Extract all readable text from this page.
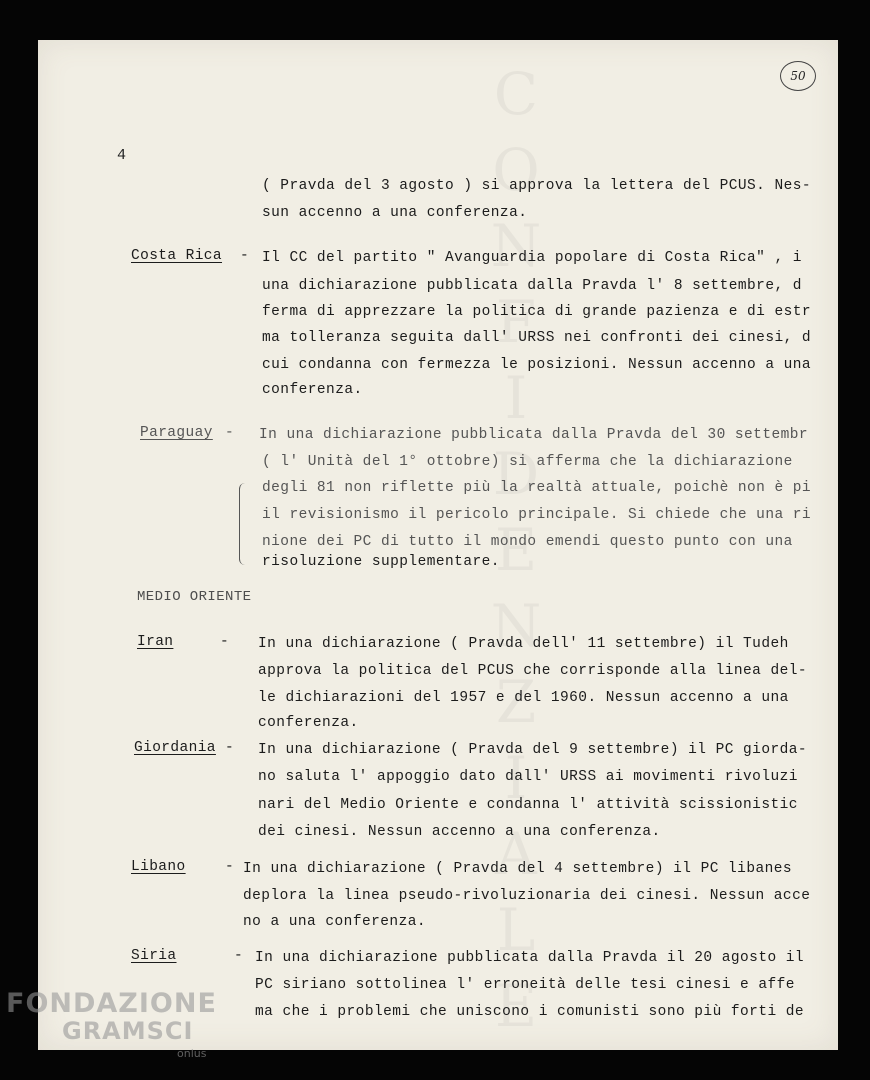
4
50
( Pravda del 3 agosto ) si approva la lettera del PCUS. Nes-
sun accenno a una conferenza.
Costa Rica - Il CC del partito " Avanguardia popolare di Costa Rica" , i
una dichiarazione pubblicata dalla Pravda l' 8 settembre, d
ferma di apprezzare la politica di grande pazienza e di estr
ma tolleranza seguita dall' URSS nei confronti dei cinesi, d
cui condanna con fermezza le posizioni. Nessun accenno a una
conferenza.
Paraguay - In una dichiarazione pubblicata dalla Pravda del 30 settembr
( l' Unità del 1° ottobre) si afferma che la dichiarazione
degli 81 non riflette più la realtà attuale, poichè non è pi
il revisionismo il pericolo principale. Si chiede che una ri
nione dei PC di tutto il mondo emendi questo punto con una
risoluzione supplementare.
MEDIO ORIENTE
Iran	- In una dichiarazione ( Pravda dell' 11 settembre) il Tudeh
approva la politica del PCUS che corrisponde alla linea del-
le dichiarazioni del 1957 e del 1960. Nessun accenno a una
conferenza.
Giordania - In una dichiarazione ( Pravda del 9 settembre) il PC giorda-
no saluta l' appoggio dato dall' URSS ai movimenti rivoluzi
nari del Medio Oriente e condanna l' attività scissionistic
dei cinesi. Nessun accenno a una conferenza.
Libano	- In una dichiarazione ( Pravda del 4 settembre) il PC libanes
deplora la linea pseudo-rivoluzionaria dei cinesi. Nessun acce
no a una conferenza.
Siria	- In una dichiarazione pubblicata dalla Pravda il 20 agosto il
PC siriano sottolinea l' erroneità delle tesi cinesi e affe
ma che i problemi che uniscono i comunisti sono più forti de
FONDAZIONE
GRAMSCI
onlus
